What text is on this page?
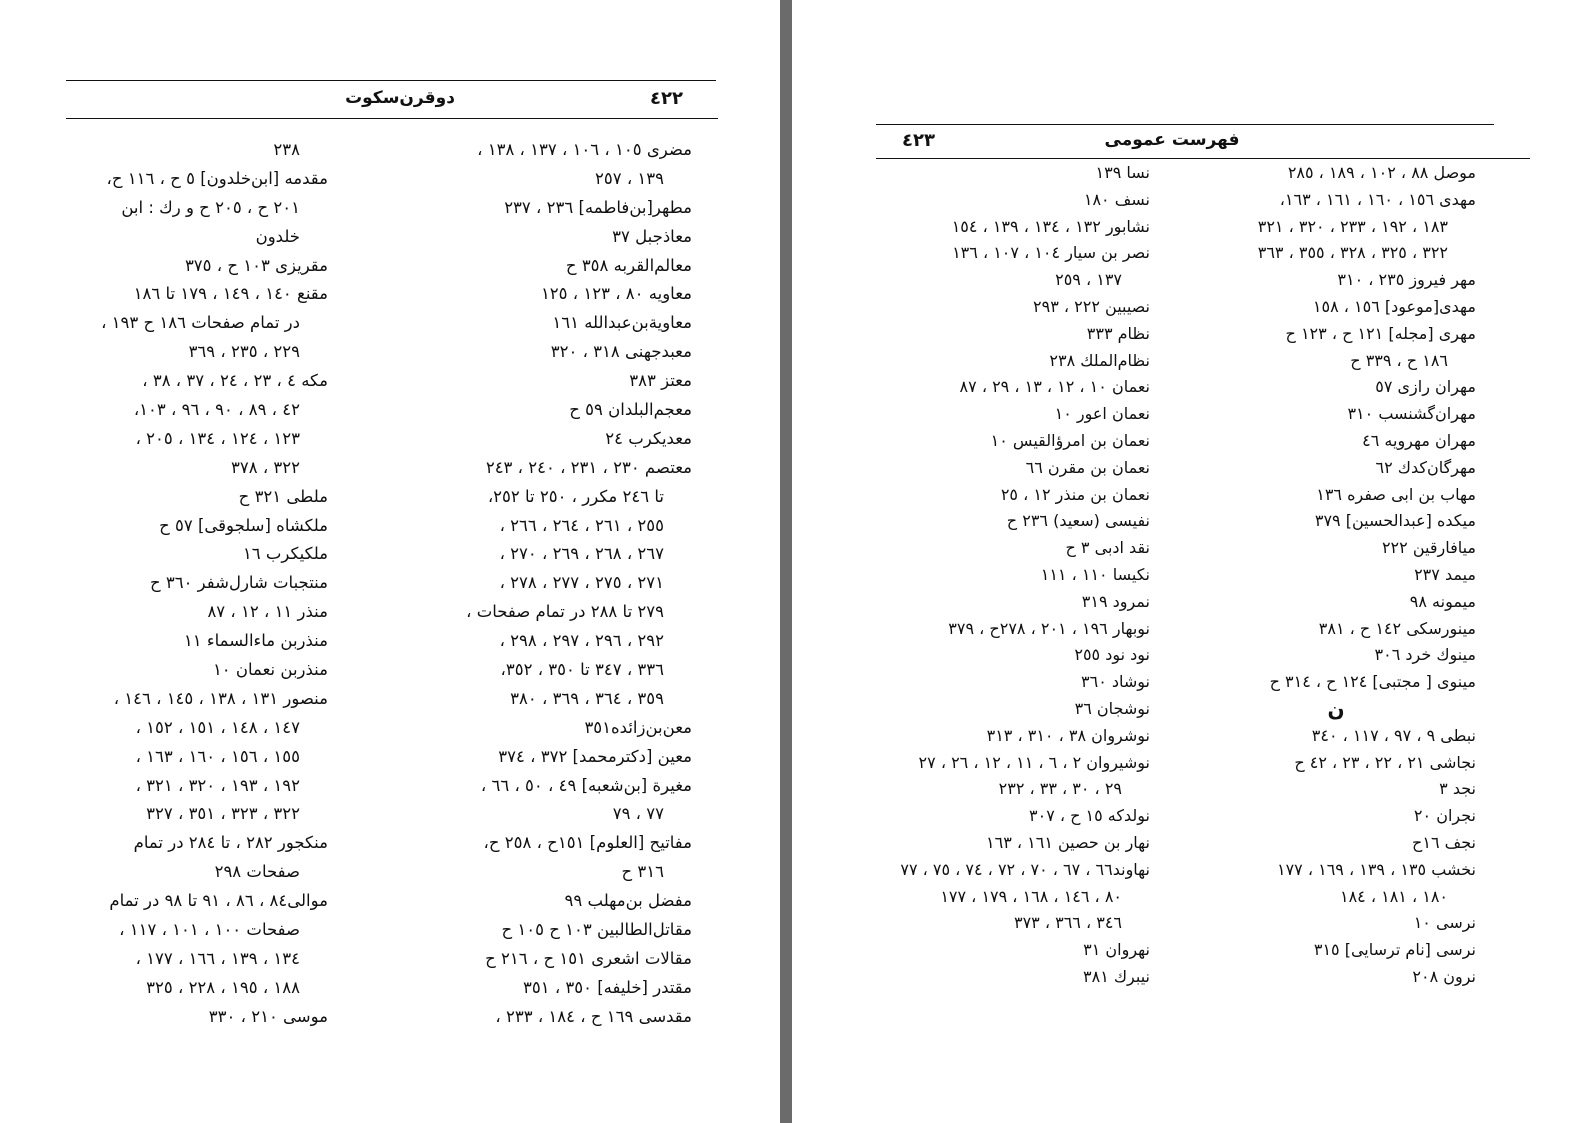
٤٢٢
دوقرن‌سکوت
مضری ١٠٥ ، ١٠٦ ، ١٣٧ ، ١٣٨ ،
١٣٩ ، ٢٥٧
مطهر[بن‌فاطمه] ٢٣٦ ، ٢٣٧
معاذجبل ٣٧
معالم‌القربه ٣٥٨ ح
معاویه ٨٠ ، ١٢٣ ، ١٢٥
معاویة‌بن‌عبدالله ١٦١
معبدجهنی ٣١٨ ، ٣٢٠
معتز ٣٨٣
معجم‌البلدان ٥٩ ح
معدیکرب ٢٤
معتصم ٢٣٠ ، ٢٣١ ، ٢٤٠ ، ٢٤٣
تا ٢٤٦ مکرر ، ٢٥٠ تا ٢٥٢،
٢٥٥ ، ٢٦١ ، ٢٦٤ ، ٢٦٦ ،
٢٦٧ ، ٢٦٨ ، ٢٦٩ ، ٢٧٠ ،
٢٧١ ، ٢٧٥ ، ٢٧٧ ، ٢٧٨ ،
٢٧٩ تا ٢٨٨ در تمام صفحات ،
٢٩٢ ، ٢٩٦ ، ٢٩٧ ، ٢٩٨ ،
٣٣٦ ، ٣٤٧ تا ٣٥٠ ، ٣٥٢،
٣٥٩ ، ٣٦٤ ، ٣٦٩ ، ٣٨٠
معن‌بن‌زائده٣٥١
معین [دکترمحمد] ٣٧٢ ، ٣٧٤
مغیرة [بن‌شعبه] ٤٩ ، ٥٠ ، ٦٦ ،
٧٧ ، ٧٩
مفاتیح [العلوم] ١٥١ح ، ٢٥٨ ح،
٣١٦ ح
مفضل بن‌مهلب ٩٩
مقاتل‌الطالبین ١٠٣ ح ١٠٥ ح
مقالات اشعری ١٥١ ح ، ٢١٦ ح
مقتدر [خلیفه] ٣٥٠ ، ٣٥١
مقدسی ١٦٩ ح ، ١٨٤ ، ٢٣٣ ،
٢٣٨
مقدمه [ابن‌خلدون] ٥ ح ، ١١٦ ح،
٢٠١ ح ، ٢٠٥ ح و رك : ابن
خلدون
مقریزی ١٠٣ ح ، ٣٧٥
مقنع ١٤٠ ، ١٤٩ ، ١٧٩ تا ١٨٦
در تمام صفحات ١٨٦ ح ١٩٣ ،
٢٢٩ ، ٢٣٥ ، ٣٦٩
مکه ٤ ، ٢٣ ، ٢٤ ، ٣٧ ، ٣٨ ،
٤٢ ، ٨٩ ، ٩٠ ، ٩٦ ، ١٠٣،
١٢٣ ، ١٢٤ ، ١٣٤ ، ٢٠٥ ،
٣٢٢ ، ٣٧٨
ملطی ٣٢١ ح
ملکشاه [سلجوقی] ٥٧ ح
ملکیکرب ١٦
منتجبات شارل‌شفر ٣٦٠ ح
منذر ١١ ، ١٢ ، ٨٧
منذربن ماءالسماء ١١
منذربن نعمان ١٠
منصور ١٣١ ، ١٣٨ ، ١٤٥ ، ١٤٦ ،
١٤٧ ، ١٤٨ ، ١٥١ ، ١٥٢ ،
١٥٥ ، ١٥٦ ، ١٦٠ ، ١٦٣ ،
١٩٢ ، ١٩٣ ، ٣٢٠ ، ٣٢١ ،
٣٢٢ ، ٣٢٣ ، ٣٥١ ، ٣٢٧
منکجور ٢٨٢ ، تا ٢٨٤ در تمام
صفحات ٢٩٨
موالی٨٤ ، ٨٦ ، ٩١ تا ٩٨ در تمام
صفحات ١٠٠ ، ١٠١ ، ١١٧ ،
١٣٤ ، ١٣٩ ، ١٦٦ ، ١٧٧ ،
١٨٨ ، ١٩٥ ، ٢٢٨ ، ٣٢٥
موسی ٢١٠ ، ٣٣٠
٤٢٣	فهرست عمومی
موصل ٨٨ ، ١٠٢ ، ١٨٩ ، ٢٨٥
مهدی ١٥٦ ، ١٦٠ ، ١٦١ ، ١٦٣،
١٨٣ ، ١٩٢ ، ٢٣٣ ، ٣٢٠ ، ٣٢١
٣٢٢ ، ٣٢٥ ، ٣٢٨ ، ٣٥٥ ، ٣٦٣
مهر فیروز ٢٣٥ ، ٣١٠
مهدی[موعود] ١٥٦ ، ١٥٨
مهری [مجله] ١٢١ ح ، ١٢٣ ح
١٨٦ ح ، ٣٣٩ ح
مهران رازی ٥٧
مهران‌گشنسب ٣١٠
مهران مهرویه ٤٦
مهرگان‌کدك ٦٢
مهاب بن ابی صفره ١٣٦
میکده [عبدالحسین] ٣٧٩
میافارقین ٢٢٢
میمد ٢٣٧
میمونه ٩٨
مینورسکی ١٤٢ ح ، ٣٨١
مینوك خرد ٣٠٦
مینوی [ مجتبی] ١٢٤ ح ، ٣١٤ ح
ن
نبطی ٩ ، ٩٧ ، ١١٧ ، ٣٤٠
نجاشی ٢١ ، ٢٢ ، ٢٣ ، ٤٢ ح
نجد ٣
نجران ٢٠
نجف ١٦ح
نخشب ١٣٥ ، ١٣٩ ، ١٦٩ ، ١٧٧
١٨٠ ، ١٨١ ، ١٨٤
نرسی ١٠
نرسی [نام ترسایی] ٣١٥
نرون ٢٠٨
نسا ١٣٩
نسف ١٨٠
نشابور ١٣٢ ، ١٣٤ ، ١٣٩ ، ١٥٤
نصر بن سیار ١٠٤ ، ١٠٧ ، ١٣٦
١٣٧ ، ٢٥٩
نصیبین ٢٢٢ ، ٢٩٣
نظام ٣٣٣
نظام‌الملك ٢٣٨
نعمان ١٠ ، ١٢ ، ١٣ ، ٢٩ ، ٨٧
نعمان اعور ١٠
نعمان بن امرؤالقیس ١٠
نعمان بن مقرن ٦٦
نعمان بن منذر ١٢ ، ٢٥
نفیسی (سعید) ٢٣٦ ح
نقد ادبی ٣ ح
نکیسا ١١٠ ، ١١١
نمرود ٣١٩
نوبهار ١٩٦ ، ٢٠١ ، ٢٧٨ح ، ٣٧٩
نود نود ٢٥٥
نوشاد ٣٦٠
نوشجان ٣٦
نوشروان ٣٨ ، ٣١٠ ، ٣١٣
نوشیروان ٢ ، ٦ ، ١١ ، ١٢ ، ٢٦ ، ٢٧
٢٩ ، ٣٠ ، ٣٣ ، ٢٣٢
نولدکه ١٥ ح ، ٣٠٧
نهار بن حصین ١٦١ ، ١٦٣
نهاوند٦٦ ، ٦٧ ، ٧٠ ، ٧٢ ، ٧٤ ، ٧٥ ، ٧٧
٨٠ ، ١٤٦ ، ١٦٨ ، ١٧٩ ، ١٧٧
٣٤٦ ، ٣٦٦ ، ٣٧٣
نهروان ٣١
نیبرك ٣٨١
